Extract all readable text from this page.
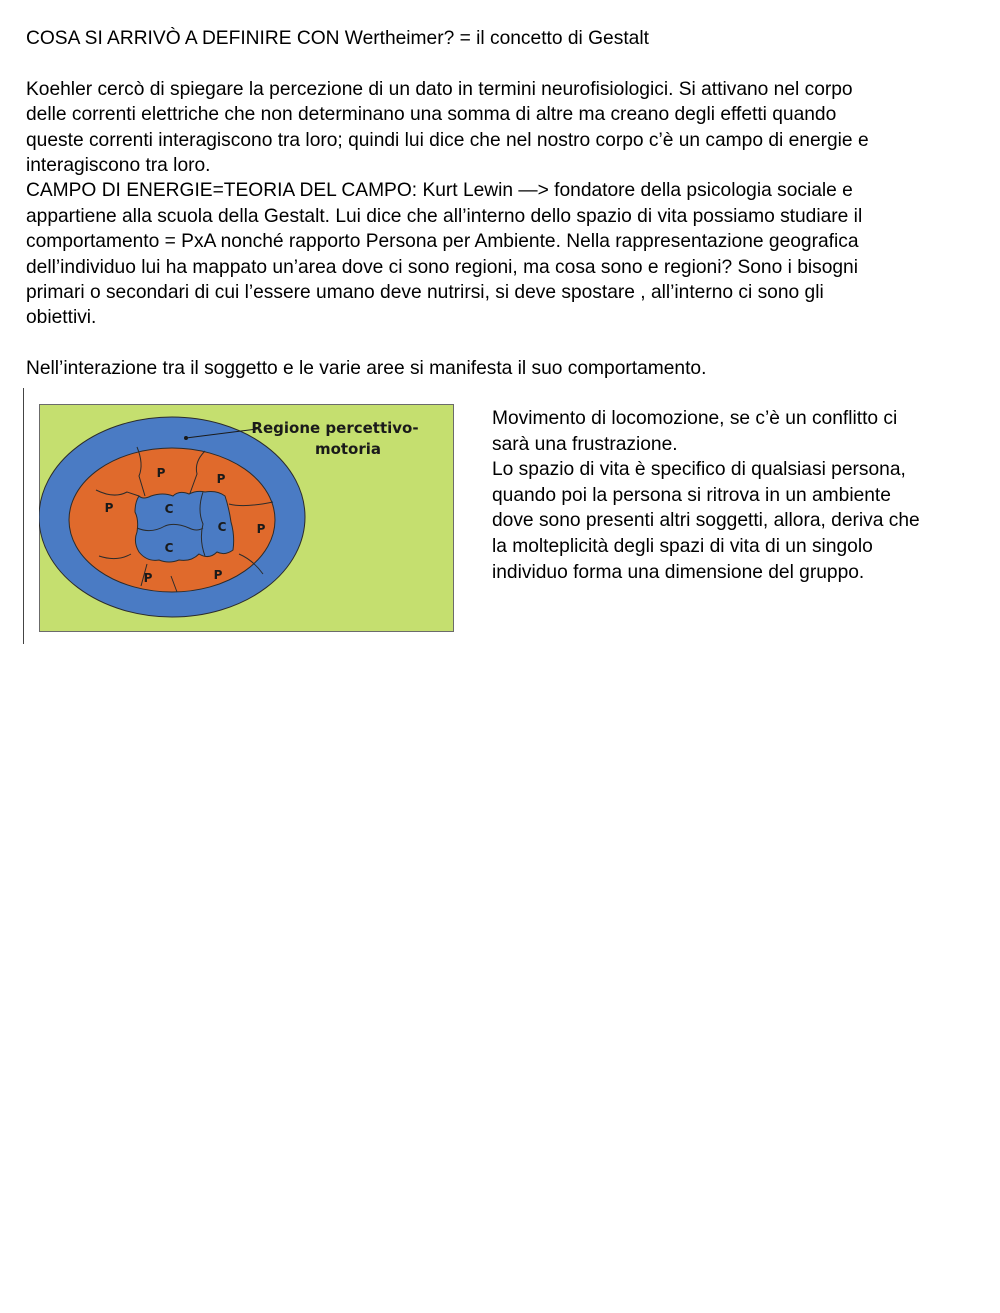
COSA SI ARRIVÒ A DEFINIRE CON Wertheimer? = il concetto di Gestalt

Koehler cercò di spiegare la percezione di un dato in termini neurofisiologici. Si attivano nel corpo

delle correnti elettriche che non determinano una somma di altre ma creano degli effetti quando

queste correnti interagiscono tra loro; quindi lui dice che nel nostro corpo c’è un campo di energie e

interagiscono tra loro.

CAMPO DI ENERGIE=TEORIA DEL CAMPO: Kurt Lewin —> fondatore della psicologia sociale e

appartiene alla scuola della Gestalt. Lui dice che all’interno dello spazio di vita possiamo studiare il

comportamento = PxA nonché rapporto Persona per Ambiente. Nella rappresentazione geografica

dell’individuo lui ha mappato un’area dove ci sono regioni, ma cosa sono e regioni? Sono i bisogni

primari o secondari di cui l’essere umano deve nutrirsi, si deve spostare , all’interno ci sono gli

obiettivi.

Nell’interazione tra il soggetto e le varie aree si manifesta il suo comportamento.

P	P
P
P
P	P
C
C
C
Regione percettivo-
motoria

Movimento di locomozione, se c’è un conflitto ci

sarà una frustrazione.

Lo spazio di vita è specifico di qualsiasi persona,

quando poi la persona si ritrova in un ambiente

dove sono presenti altri soggetti, allora, deriva che

la molteplicità degli spazi di vita di un singolo

individuo forma una dimensione del gruppo.
